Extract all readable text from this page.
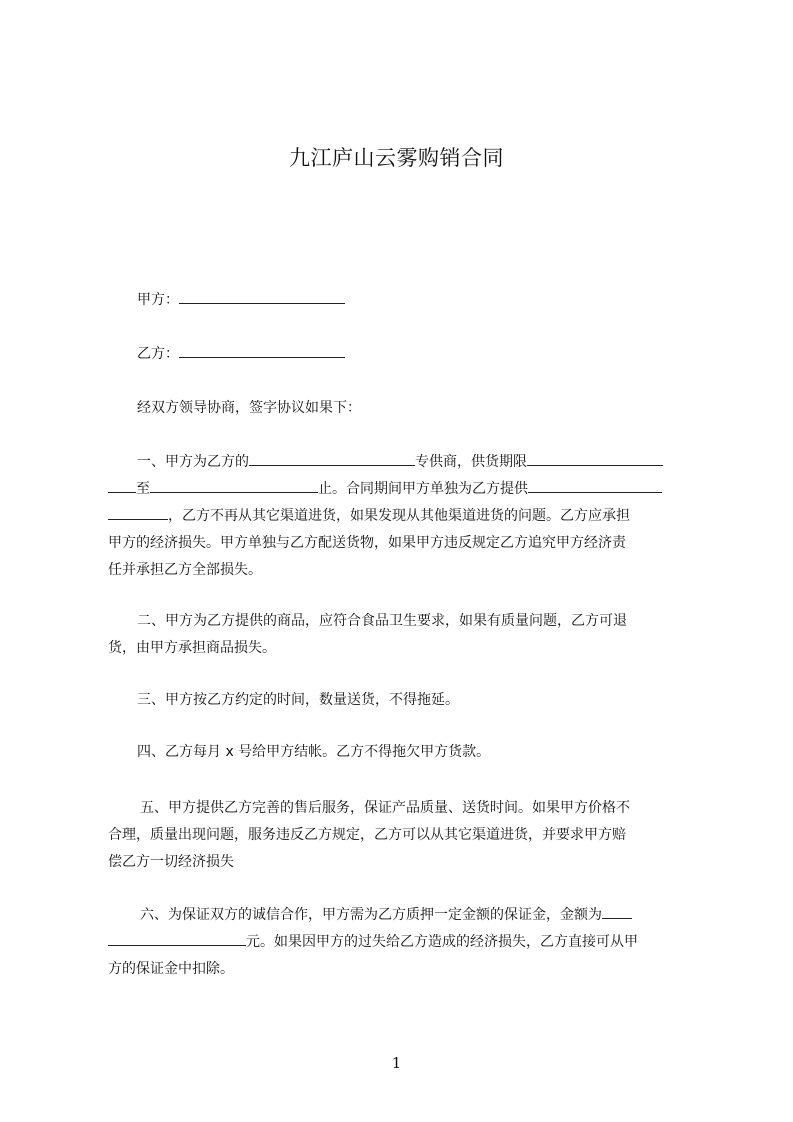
九江庐山云雾购销合同
甲方：
乙方：
经双方领导协商，签字协议如果下：
一、甲方为乙方的	专供商，供货期限
至	止。合同期间甲方单独为乙方提供
，乙方不再从其它渠道进货，如果发现从其他渠道进货的问题。乙方应承担
甲方的经济损失。甲方单独与乙方配送货物，如果甲方违反规定乙方追究甲方经济责
任并承担乙方全部损失。
二、甲方为乙方提供的商品，应符合食品卫生要求，如果有质量问题，乙方可退
货，由甲方承担商品损失。
三、甲方按乙方约定的时间，数量送货，不得拖延。
四、乙方每月 x 号给甲方结帐。乙方不得拖欠甲方货款。
五、甲方提供乙方完善的售后服务，保证产品质量、送货时间。如果甲方价格不
合理，质量出现问题，服务违反乙方规定，乙方可以从其它渠道进货，并要求甲方赔
偿乙方一切经济损失
六、为保证双方的诚信合作，甲方需为乙方质押一定金额的保证金，金额为
元。如果因甲方的过失给乙方造成的经济损失，乙方直接可从甲
方的保证金中扣除。
1
